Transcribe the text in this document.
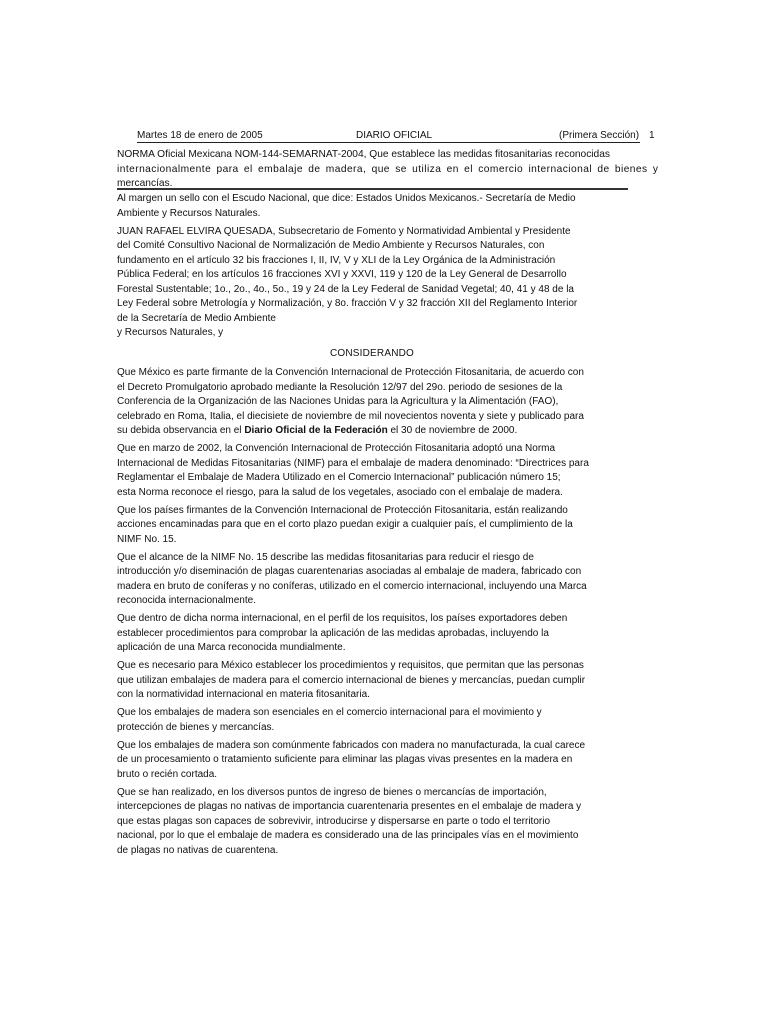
Martes 18 de enero de 2005	DIARIO OFICIAL	(Primera Sección) 1
NORMA Oficial Mexicana NOM-144-SEMARNAT-2004, Que establece las medidas fitosanitarias reconocidas
internacionalmente para el embalaje de madera, que se utiliza en el comercio internacional de bienes y
mercancías.

Al margen un sello con el Escudo Nacional, que dice: Estados Unidos Mexicanos.- Secretaría de Medio
Ambiente y Recursos Naturales.

JUAN RAFAEL ELVIRA QUESADA, Subsecretario de Fomento y Normatividad Ambiental y Presidente
del Comité Consultivo Nacional de Normalización de Medio Ambiente y Recursos Naturales, con
fundamento en el artículo 32 bis fracciones I, II, IV, V y XLI de la Ley Orgánica de la Administración
Pública Federal; en los artículos 16 fracciones XVI y XXVI, 119 y 120 de la Ley General de Desarrollo
Forestal Sustentable; 1o., 2o., 4o., 5o., 19 y 24 de la Ley Federal de Sanidad Vegetal; 40, 41 y 48 de la
Ley Federal sobre Metrología y Normalización, y 8o. fracción V y 32 fracción XII del Reglamento Interior
de la Secretaría de Medio Ambiente
y Recursos Naturales, y

CONSIDERANDO

Que México es parte firmante de la Convención Internacional de Protección Fitosanitaria, de acuerdo con
el Decreto Promulgatorio aprobado mediante la Resolución 12/97 del 29o. periodo de sesiones de la
Conferencia de la Organización de las Naciones Unidas para la Agricultura y la Alimentación (FAO),
celebrado en Roma, Italia, el diecisiete de noviembre de mil novecientos noventa y siete y publicado para
su debida observancia en el Diario Oficial de la Federación el 30 de noviembre de 2000.

Que en marzo de 2002, la Convención Internacional de Protección Fitosanitaria adoptó una Norma
Internacional de Medidas Fitosanitarias (NIMF) para el embalaje de madera denominado: “Directrices para
Reglamentar el Embalaje de Madera Utilizado en el Comercio Internacional” publicación número 15;
esta Norma reconoce el riesgo, para la salud de los vegetales, asociado con el embalaje de madera.

Que los países firmantes de la Convención Internacional de Protección Fitosanitaria, están realizando
acciones encaminadas para que en el corto plazo puedan exigir a cualquier país, el cumplimiento de la
NIMF No. 15.

Que el alcance de la NIMF No. 15 describe las medidas fitosanitarias para reducir el riesgo de
introducción y/o diseminación de plagas cuarentenarias asociadas al embalaje de madera, fabricado con
madera en bruto de coníferas y no coníferas, utilizado en el comercio internacional, incluyendo una Marca
reconocida internacionalmente.

Que dentro de dicha norma internacional, en el perfil de los requisitos, los países exportadores deben
establecer procedimientos para comprobar la aplicación de las medidas aprobadas, incluyendo la
aplicación de una Marca reconocida mundialmente.

Que es necesario para México establecer los procedimientos y requisitos, que permitan que las personas
que utilizan embalajes de madera para el comercio internacional de bienes y mercancías, puedan cumplir
con la normatividad internacional en materia fitosanitaria.

Que los embalajes de madera son esenciales en el comercio internacional para el movimiento y
protección de bienes y mercancías.

Que los embalajes de madera son comúnmente fabricados con madera no manufacturada, la cual carece
de un procesamiento o tratamiento suficiente para eliminar las plagas vivas presentes en la madera en
bruto o recién cortada.

Que se han realizado, en los diversos puntos de ingreso de bienes o mercancías de importación,
intercepciones de plagas no nativas de importancia cuarentenaria presentes en el embalaje de madera y
que estas plagas son capaces de sobrevivir, introducirse y dispersarse en parte o todo el territorio
nacional, por lo que el embalaje de madera es considerado una de las principales vías en el movimiento
de plagas no nativas de cuarentena.
